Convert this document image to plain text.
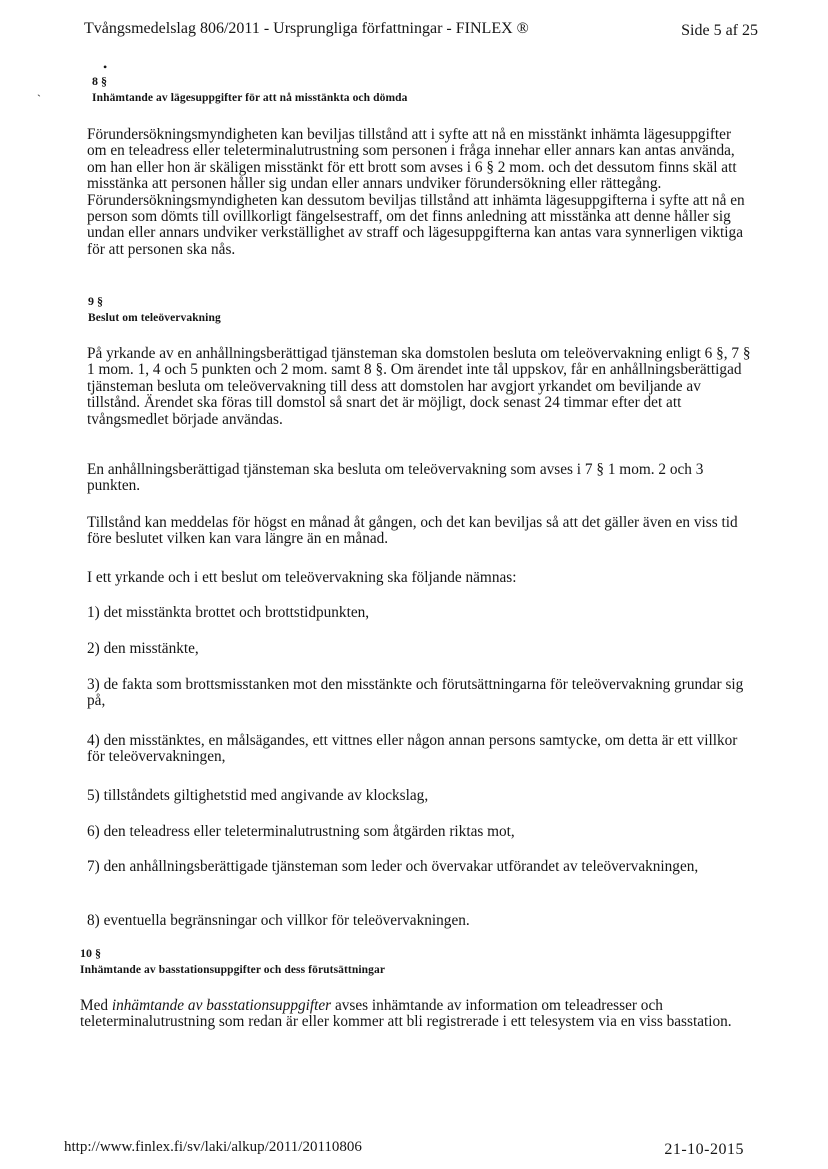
Tvångsmedelslag 806/2011 - Ursprungliga författningar - FINLEX ®	Side 5 af 25
•
`
8 §
Inhämtande av lägesuppgifter för att nå misstänkta och dömda
Förundersökningsmyndigheten kan beviljas tillstånd att i syfte att nå en misstänkt inhämta lägesuppgifter om en teleadress eller teleterminalutrustning som personen i fråga innehar eller annars kan antas använda, om han eller hon är skäligen misstänkt för ett brott som avses i 6 § 2 mom. och det dessutom finns skäl att misstänka att personen håller sig undan eller annars undviker förundersökning eller rättegång. Förundersökningsmyndigheten kan dessutom beviljas tillstånd att inhämta lägesuppgifterna i syfte att nå en person som dömts till ovillkorligt fängelsestraff, om det finns anledning att misstänka att denne håller sig undan eller annars undviker verkställighet av straff och lägesuppgifterna kan antas vara synnerligen viktiga för att personen ska nås.
9 §
Beslut om teleövervakning
På yrkande av en anhållningsberättigad tjänsteman ska domstolen besluta om teleövervakning enligt 6 §, 7 § 1 mom. 1, 4 och 5 punkten och 2 mom. samt 8 §. Om ärendet inte tål uppskov, får en anhållningsberättigad tjänsteman besluta om teleövervakning till dess att domstolen har avgjort yrkandet om beviljande av tillstånd. Ärendet ska föras till domstol så snart det är möjligt, dock senast 24 timmar efter det att tvångsmedlet började användas.
En anhållningsberättigad tjänsteman ska besluta om teleövervakning som avses i 7 § 1 mom. 2 och 3 punkten.
Tillstånd kan meddelas för högst en månad åt gången, och det kan beviljas så att det gäller även en viss tid före beslutet vilken kan vara längre än en månad.
I ett yrkande och i ett beslut om teleövervakning ska följande nämnas:
1) det misstänkta brottet och brottstidpunkten,
2) den misstänkte,
3) de fakta som brottsmisstanken mot den misstänkte och förutsättningarna för teleövervakning grundar sig på,
4) den misstänktes, en målsägandes, ett vittnes eller någon annan persons samtycke, om detta är ett villkor för teleövervakningen,
5) tillståndets giltighetstid med angivande av klockslag,
6) den teleadress eller teleterminalutrustning som åtgärden riktas mot,
7) den anhållningsberättigade tjänsteman som leder och övervakar utförandet av teleövervakningen,
8) eventuella begränsningar och villkor för teleövervakningen.
10 §
Inhämtande av basstationsuppgifter och dess förutsättningar
Med inhämtande av basstationsuppgifter avses inhämtande av information om teleadresser och teleterminalutrustning som redan är eller kommer att bli registrerade i ett telesystem via en viss basstation.
http://www.finlex.fi/sv/laki/alkup/2011/20110806	21-10-2015
